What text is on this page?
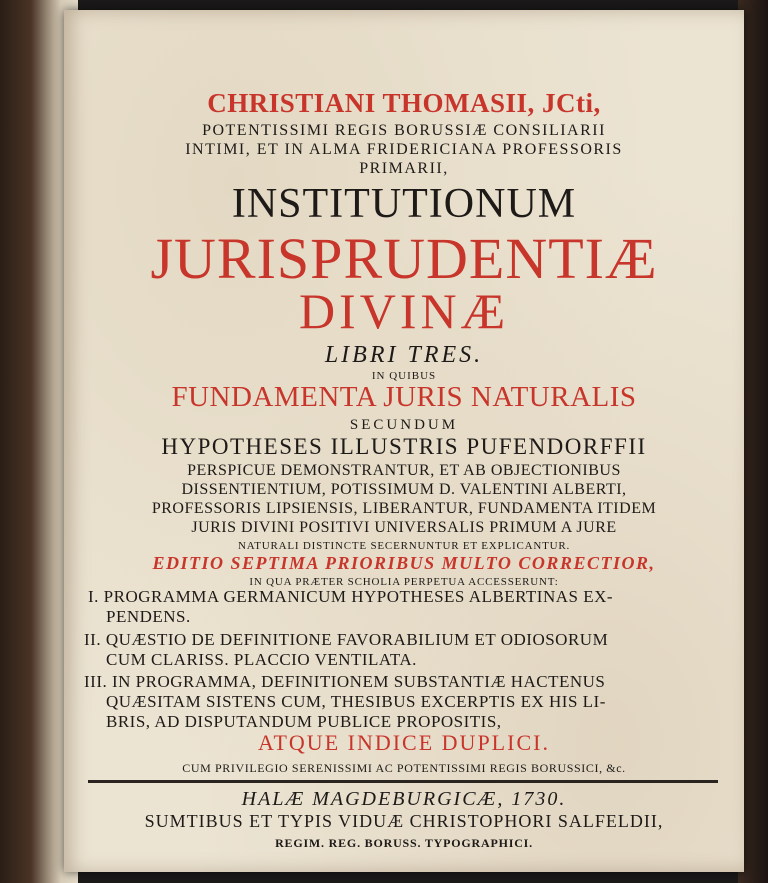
CHRISTIANI THOMASII, JCti,
POTENTISSIMI REGIS BORUSSIÆ CONSILIARII
INTIMI, ET IN ALMA FRIDERICIANA PROFESSORIS
PRIMARII,
INSTITUTIONUM
JURISPRUDENTIÆ
DIVINÆ
LIBRI TRES.
IN QUIBUS
FUNDAMENTA JURIS NATURALIS
SECUNDUM
HYPOTHESES ILLUSTRIS PUFENDORFFII
PERSPICUE DEMONSTRANTUR, ET AB OBJECTIONIBUS
DISSENTIENTIUM, POTISSIMUM D. VALENTINI ALBERTI,
PROFESSORIS LIPSIENSIS, LIBERANTUR, FUNDAMENTA ITIDEM
JURIS DIVINI POSITIVI UNIVERSALIS PRIMUM A JURE
NATURALI DISTINCTE SECERNUNTUR ET EXPLICANTUR.
EDITIO SEPTIMA PRIORIBUS MULTO CORRECTIOR,
IN QUA PRÆTER SCHOLIA PERPETUA ACCESSERUNT:
I. PROGRAMMA GERMANICUM HYPOTHESES ALBERTINAS EX-
PENDENS.
II. QUÆSTIO DE DEFINITIONE FAVORABILIUM ET ODIOSORUM
CUM CLARISS. PLACCIO VENTILATA.
III. IN PROGRAMMA, DEFINITIONEM SUBSTANTIÆ HACTENUS
QUÆSITAM SISTENS CUM, THESIBUS EXCERPTIS EX HIS LI-
BRIS, AD DISPUTANDUM PUBLICE PROPOSITIS,
ATQUE INDICE DUPLICI.
CUM PRIVILEGIO SERENISSIMI AC POTENTISSIMI REGIS BORUSSICI, &c.
HALÆ MAGDEBURGICÆ, 1730.
SUMTIBUS ET TYPIS VIDUÆ CHRISTOPHORI SALFELDII,
REGIM. REG. BORUSS. TYPOGRAPHICI.
